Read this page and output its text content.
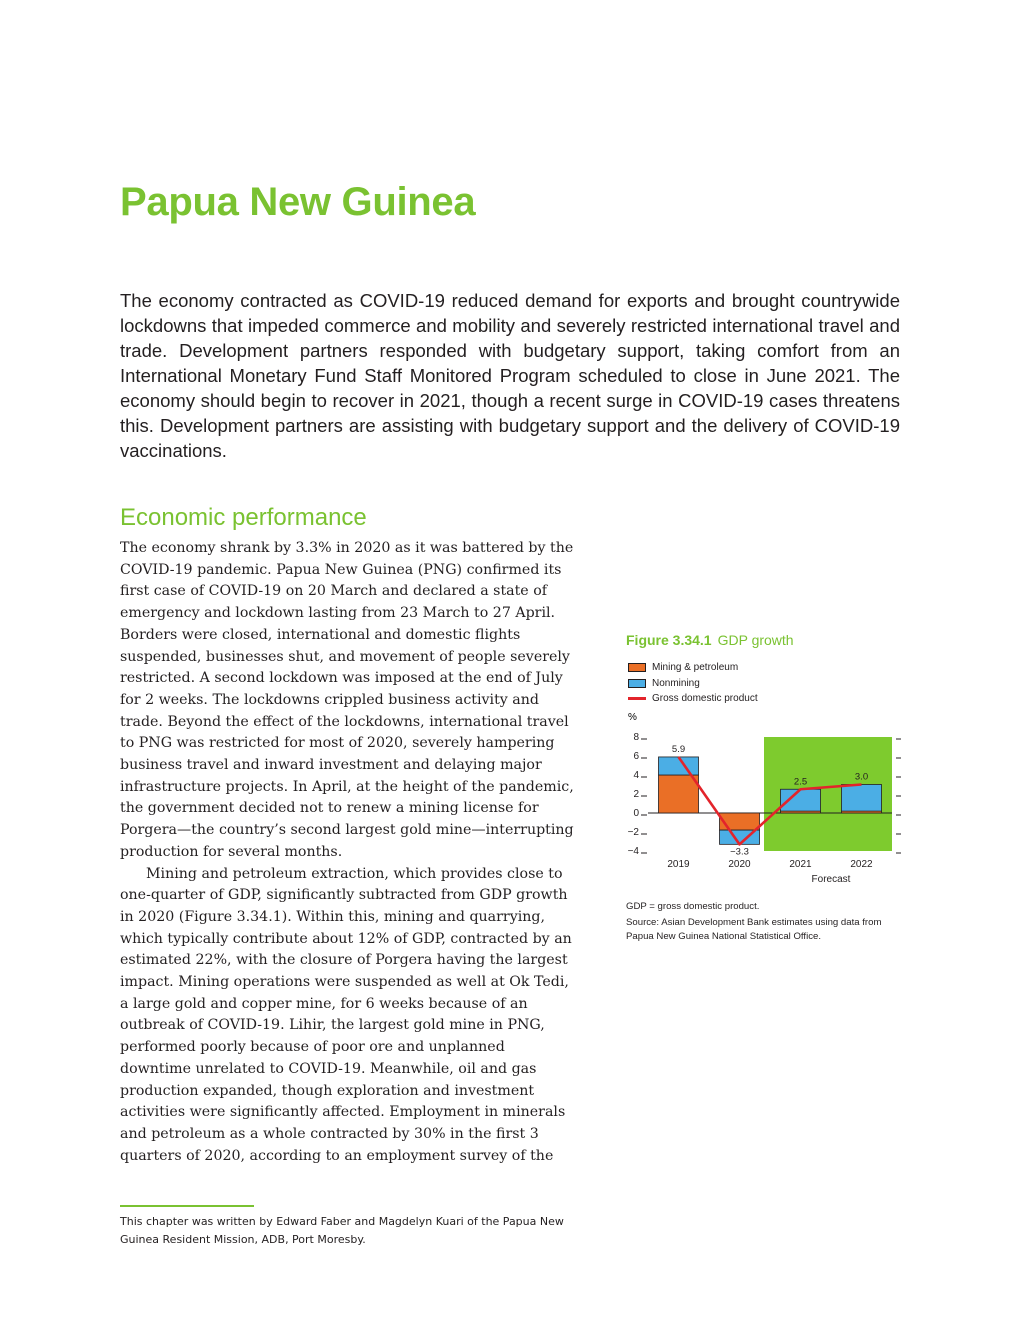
Papua New Guinea

The economy contracted as COVID-19 reduced demand for exports and brought countrywide lockdowns that impeded commerce and mobility and severely restricted international travel and trade. Development partners responded with budgetary support, taking comfort from an International Monetary Fund Staff Monitored Program scheduled to close in June 2021. The economy should begin to recover in 2021, though a recent surge in COVID-19 cases threatens this. Development partners are assisting with budgetary support and the delivery of COVID-19 vaccinations.

Economic performance

The economy shrank by 3.3% in 2020 as it was battered by the COVID-19 pandemic. Papua New Guinea (PNG) confirmed its first case of COVID-19 on 20 March and declared a state of emergency and lockdown lasting from 23 March to 27 April. Borders were closed, international and domestic flights suspended, businesses shut, and movement of people severely restricted. A second lockdown was imposed at the end of July for 2 weeks. The lockdowns crippled business activity and trade. Beyond the effect of the lockdowns, international travel to PNG was restricted for most of 2020, severely hampering business travel and inward investment and delaying major infrastructure projects. In April, at the height of the pandemic, the government decided not to renew a mining license for Porgera—the country’s second largest gold mine—interrupting production for several months.

Mining and petroleum extraction, which provides close to one-quarter of GDP, significantly subtracted from GDP growth in 2020 (Figure 3.34.1). Within this, mining and quarrying, which typically contribute about 12% of GDP, contracted by an estimated 22%, with the closure of Porgera having the largest impact. Mining operations were suspended as well at Ok Tedi, a large gold and copper mine, for 6 weeks because of an outbreak of COVID-19. Lihir, the largest gold mine in PNG, performed poorly because of poor ore and unplanned downtime unrelated to COVID-19. Meanwhile, oil and gas production expanded, though exploration and investment activities were significantly affected. Employment in minerals and petroleum as a whole contracted by 30% in the first 3 quarters of 2020, according to an employment survey of the

This chapter was written by Edward Faber and Magdelyn Kuari of the Papua New Guinea Resident Mission, ADB, Port Moresby.

Figure 3.34.1 GDP growth

Mining & petroleum
Nonmining
Gross domestic product
%
8
6
4
2
0
−2
−4
5.9
−3.3
2.5	3.0
2019	2020	2021	2022
Forecast

GDP = gross domestic product.

Source: Asian Development Bank estimates using data from Papua New Guinea National Statistical Office.
